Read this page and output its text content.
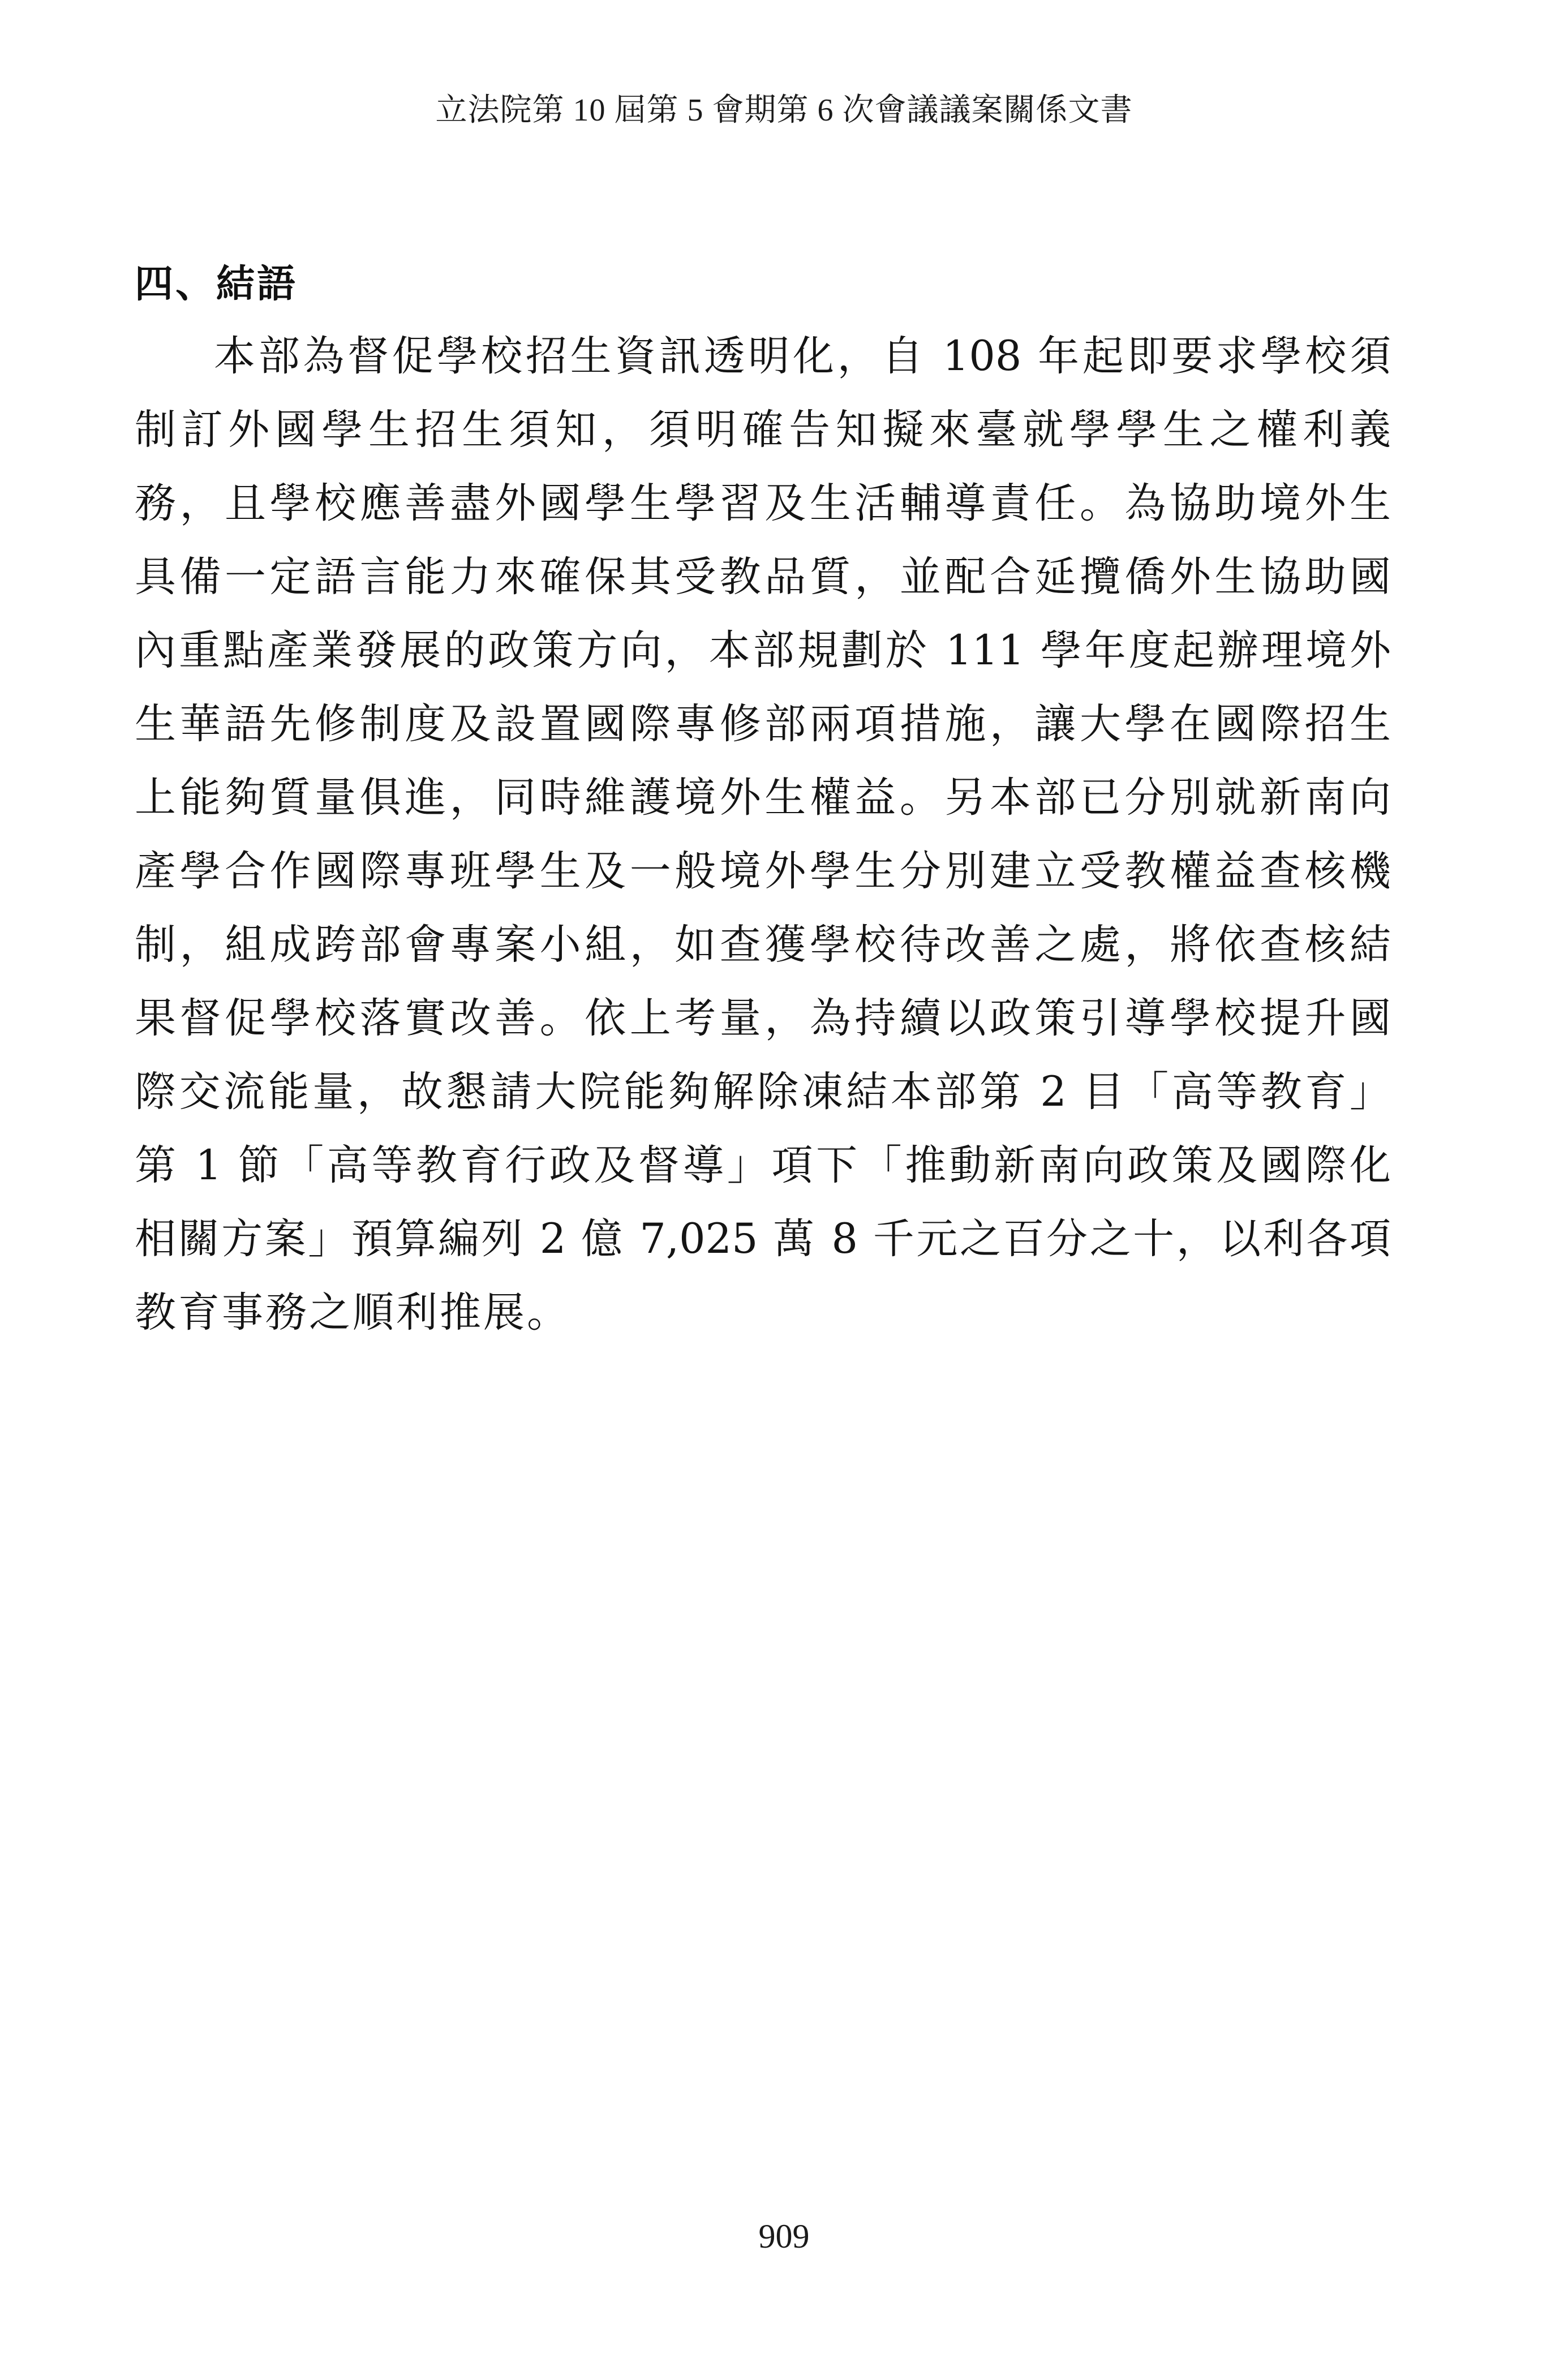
立法院第 10 屆第 5 會期第 6 次會議議案關係文書
四、結語
本部為督促學校招生資訊透明化，自 108 年起即要求學校須
制訂外國學生招生須知，須明確告知擬來臺就學學生之權利義
務，且學校應善盡外國學生學習及生活輔導責任。為協助境外生
具備一定語言能力來確保其受教品質，並配合延攬僑外生協助國
內重點產業發展的政策方向，本部規劃於 111 學年度起辦理境外
生華語先修制度及設置國際專修部兩項措施，讓大學在國際招生
上能夠質量俱進，同時維護境外生權益。另本部已分別就新南向
產學合作國際專班學生及一般境外學生分別建立受教權益查核機
制，組成跨部會專案小組，如查獲學校待改善之處，將依查核結
果督促學校落實改善。依上考量，為持續以政策引導學校提升國
際交流能量，故懇請大院能夠解除凍結本部第 2 目「高等教育」
第 1 節「高等教育行政及督導」項下「推動新南向政策及國際化
相關方案」預算編列 2 億 7,025 萬 8 千元之百分之十，以利各項
教育事務之順利推展。
909
